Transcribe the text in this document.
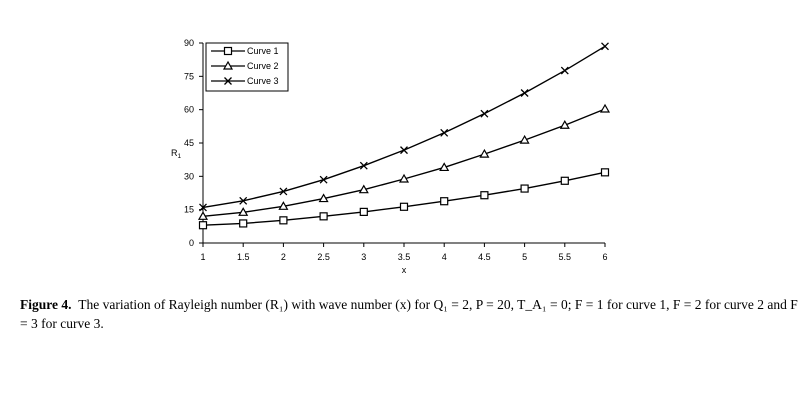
0
15
30
45
60
75
90
1	1.5	2	2.5	3	3.5	4	4.5	5	5.5	6
$R_1$
x
Curve 1
Curve 2
Curve 3
Figure 4. The variation of Rayleigh number (R₁) with wave number (x) for Q₁ = 2, P = 20, T_A₁ = 0; F = 1 for curve 1, F = 2 for curve 2 and F = 3 for curve 3.
